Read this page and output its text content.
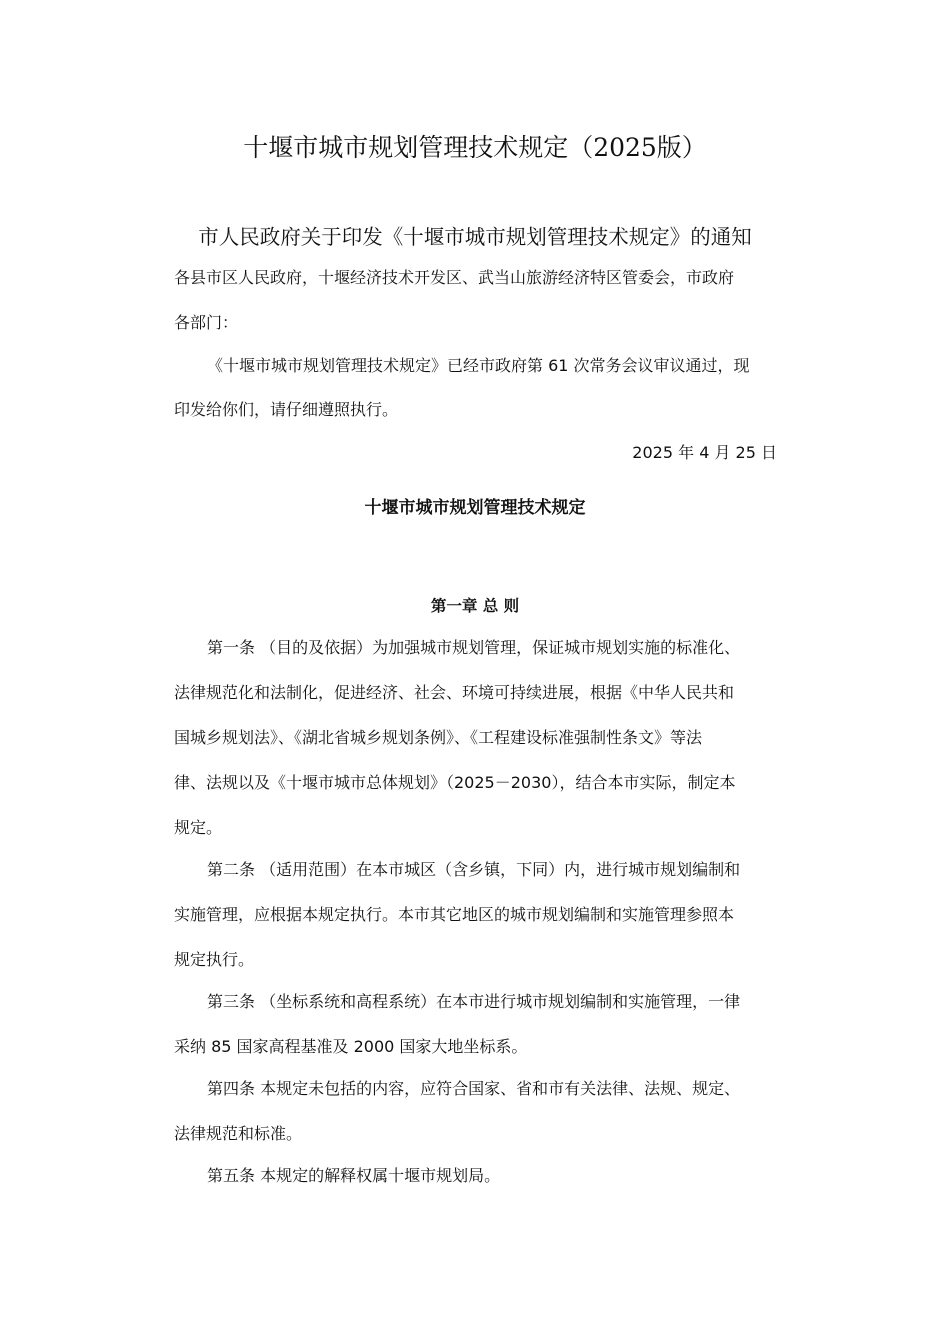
十堰市城市规划管理技术规定（2025版）
市人民政府关于印发《十堰市城市规划管理技术规定》的通知
各县市区人民政府，十堰经济技术开发区、武当山旅游经济特区管委会，市政府
各部门：
《十堰市城市规划管理技术规定》已经市政府第 61 次常务会议审议通过，现
印发给你们，请仔细遵照执行。
2025 年 4 月 25 日
十堰市城市规划管理技术规定
第一章 总 则
第一条 （目的及依据）为加强城市规划管理，保证城市规划实施的标准化、
法律规范化和法制化，促进经济、社会、环境可持续进展，根据《中华人民共和
国城乡规划法》、《湖北省城乡规划条例》、《工程建设标准强制性条文》等法
律、法规以及《十堰市城市总体规划》（2025－2030），结合本市实际，制定本
规定。
第二条 （适用范围）在本市城区（含乡镇，下同）内，进行城市规划编制和
实施管理，应根据本规定执行。本市其它地区的城市规划编制和实施管理参照本
规定执行。
第三条 （坐标系统和高程系统）在本市进行城市规划编制和实施管理，一律
采纳 85 国家高程基准及 2000 国家大地坐标系。
第四条 本规定未包括的内容，应符合国家、省和市有关法律、法规、规定、
法律规范和标准。
第五条 本规定的解释权属十堰市规划局。
